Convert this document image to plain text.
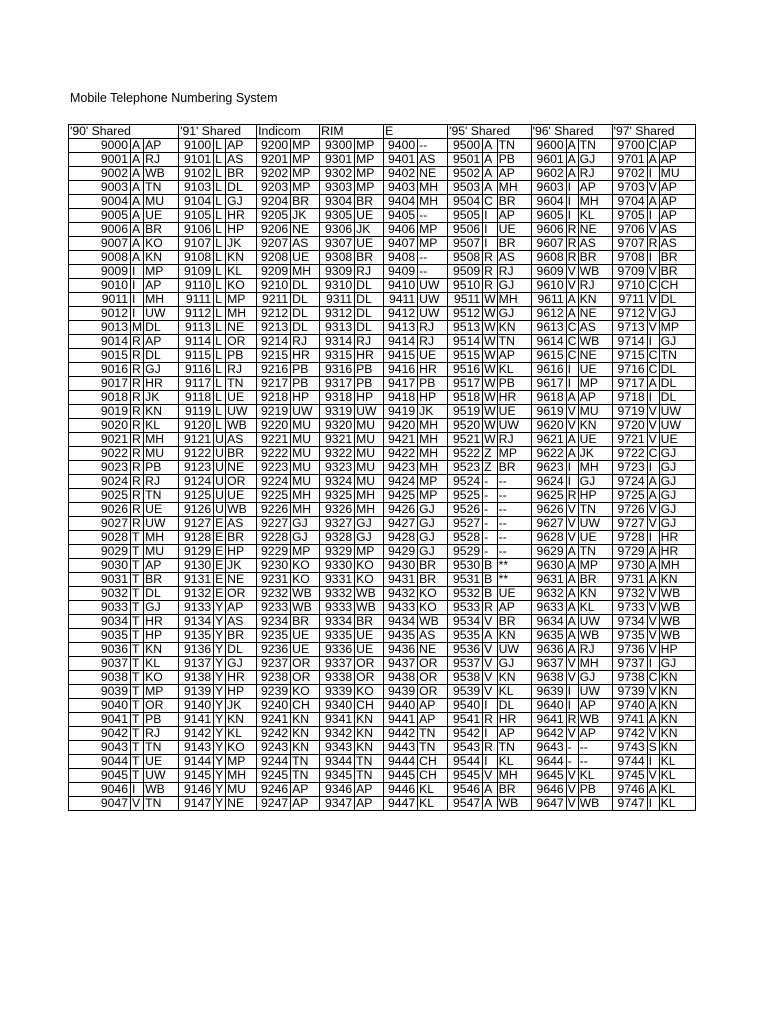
Mobile Telephone Numbering System
'90' Shared			'91' Shared			Indicom		RIM		E		'95' Shared			'96' Shared			'97' Shared		
9000	A	AP	9100	L	AP	9200	MP	9300	MP	9400	--	9500	A	TN	9600	A	TN	9700	C	AP
9001	A	RJ	9101	L	AS	9201	MP	9301	MP	9401	AS	9501	A	PB	9601	A	GJ	9701	A	AP
9002	A	WB	9102	L	BR	9202	MP	9302	MP	9402	NE	9502	A	AP	9602	A	RJ	9702	I	MU
9003	A	TN	9103	L	DL	9203	MP	9303	MP	9403	MH	9503	A	MH	9603	I	AP	9703	V	AP
9004	A	MU	9104	L	GJ	9204	BR	9304	BR	9404	MH	9504	C	BR	9604	I	MH	9704	A	AP
9005	A	UE	9105	L	HR	9205	JK	9305	UE	9405	--	9505	I	AP	9605	I	KL	9705	I	AP
9006	A	BR	9106	L	HP	9206	NE	9306	JK	9406	MP	9506	I	UE	9606	R	NE	9706	V	AS
9007	A	KO	9107	L	JK	9207	AS	9307	UE	9407	MP	9507	I	BR	9607	R	AS	9707	R	AS
9008	A	KN	9108	L	KN	9208	UE	9308	BR	9408	--	9508	R	AS	9608	R	BR	9708	I	BR
9009	I	MP	9109	L	KL	9209	MH	9309	RJ	9409	--	9509	R	RJ	9609	V	WB	9709	V	BR
9010	I	AP	9110	L	KO	9210	DL	9310	DL	9410	UW	9510	R	GJ	9610	V	RJ	9710	C	CH
9011	I	MH	9111	L	MP	9211	DL	9311	DL	9411	UW	9511	W	MH	9611	A	KN	9711	V	DL
9012	I	UW	9112	L	MH	9212	DL	9312	DL	9412	UW	9512	W	GJ	9612	A	NE	9712	V	GJ
9013	M	DL	9113	L	NE	9213	DL	9313	DL	9413	RJ	9513	W	KN	9613	C	AS	9713	V	MP
9014	R	AP	9114	L	OR	9214	RJ	9314	RJ	9414	RJ	9514	W	TN	9614	C	WB	9714	I	GJ
9015	R	DL	9115	L	PB	9215	HR	9315	HR	9415	UE	9515	W	AP	9615	C	NE	9715	C	TN
9016	R	GJ	9116	L	RJ	9216	PB	9316	PB	9416	HR	9516	W	KL	9616	I	UE	9716	C	DL
9017	R	HR	9117	L	TN	9217	PB	9317	PB	9417	PB	9517	W	PB	9617	I	MP	9717	A	DL
9018	R	JK	9118	L	UE	9218	HP	9318	HP	9418	HP	9518	W	HR	9618	A	AP	9718	I	DL
9019	R	KN	9119	L	UW	9219	UW	9319	UW	9419	JK	9519	W	UE	9619	V	MU	9719	V	UW
9020	R	KL	9120	L	WB	9220	MU	9320	MU	9420	MH	9520	W	UW	9620	V	KN	9720	V	UW
9021	R	MH	9121	U	AS	9221	MU	9321	MU	9421	MH	9521	W	RJ	9621	A	UE	9721	V	UE
9022	R	MU	9122	U	BR	9222	MU	9322	MU	9422	MH	9522	Z	MP	9622	A	JK	9722	C	GJ
9023	R	PB	9123	U	NE	9223	MU	9323	MU	9423	MH	9523	Z	BR	9623	I	MH	9723	I	GJ
9024	R	RJ	9124	U	OR	9224	MU	9324	MU	9424	MP	9524	-	--	9624	I	GJ	9724	A	GJ
9025	R	TN	9125	U	UE	9225	MH	9325	MH	9425	MP	9525	-	--	9625	R	HP	9725	A	GJ
9026	R	UE	9126	U	WB	9226	MH	9326	MH	9426	GJ	9526	-	--	9626	V	TN	9726	V	GJ
9027	R	UW	9127	E	AS	9227	GJ	9327	GJ	9427	GJ	9527	-	--	9627	V	UW	9727	V	GJ
9028	T	MH	9128	E	BR	9228	GJ	9328	GJ	9428	GJ	9528	-	--	9628	V	UE	9728	I	HR
9029	T	MU	9129	E	HP	9229	MP	9329	MP	9429	GJ	9529	-	--	9629	A	TN	9729	A	HR
9030	T	AP	9130	E	JK	9230	KO	9330	KO	9430	BR	9530	B	**	9630	A	MP	9730	A	MH
9031	T	BR	9131	E	NE	9231	KO	9331	KO	9431	BR	9531	B	**	9631	A	BR	9731	A	KN
9032	T	DL	9132	E	OR	9232	WB	9332	WB	9432	KO	9532	B	UE	9632	A	KN	9732	V	WB
9033	T	GJ	9133	Y	AP	9233	WB	9333	WB	9433	KO	9533	R	AP	9633	A	KL	9733	V	WB
9034	T	HR	9134	Y	AS	9234	BR	9334	BR	9434	WB	9534	V	BR	9634	A	UW	9734	V	WB
9035	T	HP	9135	Y	BR	9235	UE	9335	UE	9435	AS	9535	A	KN	9635	A	WB	9735	V	WB
9036	T	KN	9136	Y	DL	9236	UE	9336	UE	9436	NE	9536	V	UW	9636	A	RJ	9736	V	HP
9037	T	KL	9137	Y	GJ	9237	OR	9337	OR	9437	OR	9537	V	GJ	9637	V	MH	9737	I	GJ
9038	T	KO	9138	Y	HR	9238	OR	9338	OR	9438	OR	9538	V	KN	9638	V	GJ	9738	C	KN
9039	T	MP	9139	Y	HP	9239	KO	9339	KO	9439	OR	9539	V	KL	9639	I	UW	9739	V	KN
9040	T	OR	9140	Y	JK	9240	CH	9340	CH	9440	AP	9540	I	DL	9640	I	AP	9740	A	KN
9041	T	PB	9141	Y	KN	9241	KN	9341	KN	9441	AP	9541	R	HR	9641	R	WB	9741	A	KN
9042	T	RJ	9142	Y	KL	9242	KN	9342	KN	9442	TN	9542	I	AP	9642	V	AP	9742	V	KN
9043	T	TN	9143	Y	KO	9243	KN	9343	KN	9443	TN	9543	R	TN	9643	-	--	9743	S	KN
9044	T	UE	9144	Y	MP	9244	TN	9344	TN	9444	CH	9544	I	KL	9644	-	--	9744	I	KL
9045	T	UW	9145	Y	MH	9245	TN	9345	TN	9445	CH	9545	V	MH	9645	V	KL	9745	V	KL
9046	I	WB	9146	Y	MU	9246	AP	9346	AP	9446	KL	9546	A	BR	9646	V	PB	9746	A	KL
9047	V	TN	9147	Y	NE	9247	AP	9347	AP	9447	KL	9547	A	WB	9647	V	WB	9747	I	KL
